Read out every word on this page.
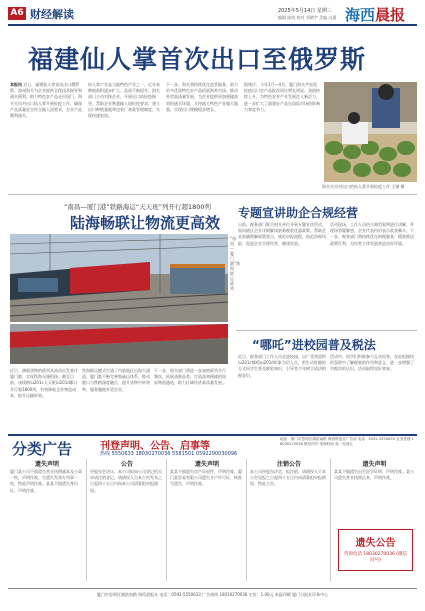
A6 财经解读	2025年5月14日 星期三
编辑 陈欣 校对 刘晓宇 美编 冯惠 海西晨报
福建仙人掌首次出口至俄罗斯
本报讯 近日，福建仙人掌首次出口俄罗斯，漳州海关为企业提供全程技术指导和通关便利，助力特色农产品走出国门。海关关员对出口仙人掌开展检疫工作，确保产品质量安全符合输入国要求，企业产品顺利通关。
仙人掌产业是当地特色产业之一，近年来种植面积逐步扩大，品质不断提升。海关部门主动对接企业，开展出口前检疫指导，帮助企业熟悉输入国检疫要求，建立出口种植基地和包装厂备案管理制度，实现快速验放。
下一步，海关将持续优化监管服务，助力更多优质特色农产品拓展海外市场，推动外贸高质量发展，为企业提供更加便捷高效的通关环境，支持地方特色产业做大做强，实现出口规模稳步增长。
据统计，今年1月—4月，厦门海关共检验检疫出口农产品批次同比增长明显，货值持续上升，为特色农业产业发展注入新活力，进一步扩大了福建农产品在国际市场的影响力和竞争力。
海关关员对出口的仙人掌开展检疫工作 王钢 摄
“南昌—厦门港”铁路海运“天天班”列开行超1800列
陆海畅联让物流更高效
“南昌—厦门港”铁海联运班列
近日，满载货物的班列从南昌出发驶往厦门港，实现铁海无缝衔接。截至目前，该线路\u201c天天班\u201d累计开行超1800列，有效降低企业物流成本，提升运输时效。
铁海联运模式打通了内陆地区出海大通道，厦门港不断完善集疏运体系，推动港口与铁路深度融合，提升货物中转效率，服务腹地外贸企业。
下一步，相关部门将进一步加密班列开行频次，拓展货源品类，打造高效便捷的国际物流通道，助力区域经济高质量发展。
专题宣讲助企合规经营
日前，税务部门联合相关单位开展专题宣讲活动，面向辖区企业详细解读最新税收优惠政策，帮助企业准确理解政策要点，规范申报流程，防范涉税风险，促进企业合规经营、健康发展。
活动现场，工作人员结合典型案例进行讲解，并现场答疑解惑，企业代表纷纷表示收获颇丰。下一步，税务部门将持续优化纳税服务，精准推送政策红利，为经营主体发展营造良好环境。
“哪吒”进校园普及税法
近日，税务部门工作人员走进校园，以广受欢迎的\u201c哪吒\u201d形象为切入点，用生动有趣的方式向学生普及税收知识，引导青少年树立依法纳税意识。
活动中，同学们积极参与互动问答，在轻松愉快的氛围中了解税收的作用和意义，进一步增强了对税法的认识，活动取得良好效果。
分类广告	刊登声明、公告、启事等
热线 5550633 18030270036 5581501 0592290030096
地址：厦门市思明区湖滨南路 海西晨报社广告部 电话：0592-5550633 业务受理 18030270036 微信同号 受理时间 周一至周五
遗失声明
厦门某公司不慎遗失营业执照副本及公章一枚，声明作废。另遗失发票专用章一枚，特此声明作废。某某不慎遗失身份证，声明作废。
公告
经股东会决议，本公司拟向公司登记机关申请注销登记，请债权人自本公告发布之日起四十五日内向本公司清算组申报债权。
遗失声明
某某不慎遗失房产证原件，声明作废。厦门某贸易有限公司遗失开户许可证，核准号遗失，声明作废。
注销公告
本公司经股东决定，拟注销，请债权人于本公告见报之日起四十五日内向清算组申报债权，特此公告。
遗失声明
某某不慎遗失出生医学证明，声明作废。某公司遗失营业执照正本，声明作废。
遗失公告
咨询电话 18030270036 (微信同号)
厦门市思明区湖滨南路 海西晨报社 电话：0592-5550633 广告热线 18030270036 定价：1.00元 本报印刷 厦门日报社印务中心
